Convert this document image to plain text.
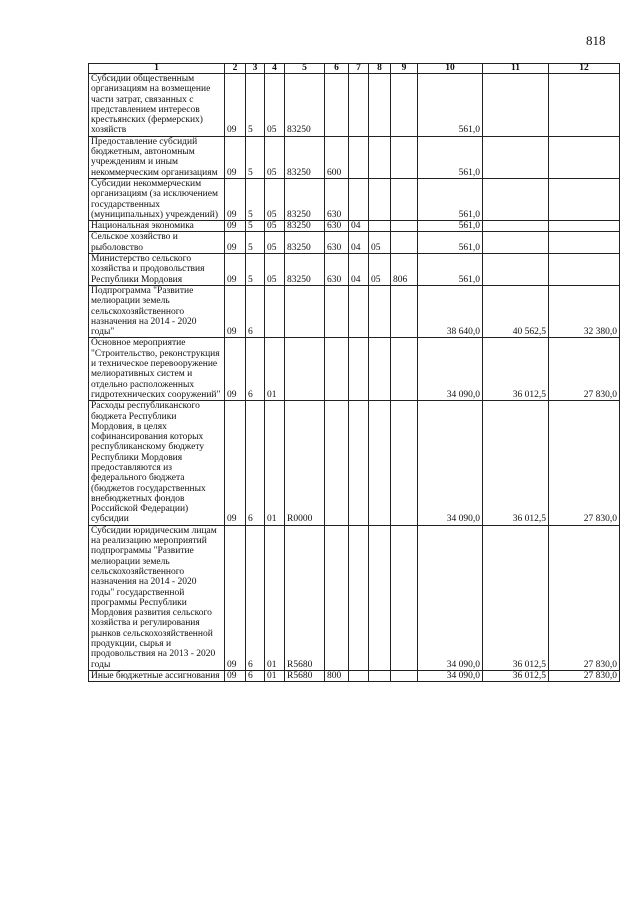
818
1	2	3	4	5	6	7	8	9	10	11	12
Субсидии общественным организациям на возмещение части затрат, связанных с представлением интересов крестьянских (фермерских) хозяйств	09	5	05	83250					561,0		
Предоставление субсидий бюджетным, автономным учреждениям и иным некоммерческим организациям	09	5	05	83250	600				561,0		
Субсидии некоммерческим организациям (за исключением государственных (муниципальных) учреждений)	09	5	05	83250	630				561,0		
Национальная экономика	09	5	05	83250	630	04			561,0		
Сельское хозяйство и рыболовство	09	5	05	83250	630	04	05		561,0		
Министерство сельского хозяйства и продовольствия Республики Мордовия	09	5	05	83250	630	04	05	806	561,0		
Подпрограмма "Развитие мелиорации земель сельскохозяйственного назначения на 2014 - 2020 годы"	09	6							38 640,0	40 562,5	32 380,0
Основное мероприятие "Строительство, реконструкция и техническое перевооружение мелиоративных систем и отдельно расположенных гидротехнических сооружений"	09	6	01						34 090,0	36 012,5	27 830,0
Расходы республиканского бюджета Республики Мордовия, в целях софинансирования которых республиканскому бюджету Республики Мордовия предоставляются из федерального бюджета (бюджетов государственных внебюджетных фондов Российской Федерации) субсидии	09	6	01	R0000					34 090,0	36 012,5	27 830,0
Субсидии юридическим лицам на реализацию мероприятий подпрограммы "Развитие мелиорации земель сельскохозяйственного назначения на 2014 - 2020 годы" государственной программы Республики Мордовия развития сельского хозяйства и регулирования рынков сельскохозяйственной продукции, сырья и продовольствия на 2013 - 2020 годы	09	6	01	R5680					34 090,0	36 012,5	27 830,0
Иные бюджетные ассигнования	09	6	01	R5680	800				34 090,0	36 012,5	27 830,0
